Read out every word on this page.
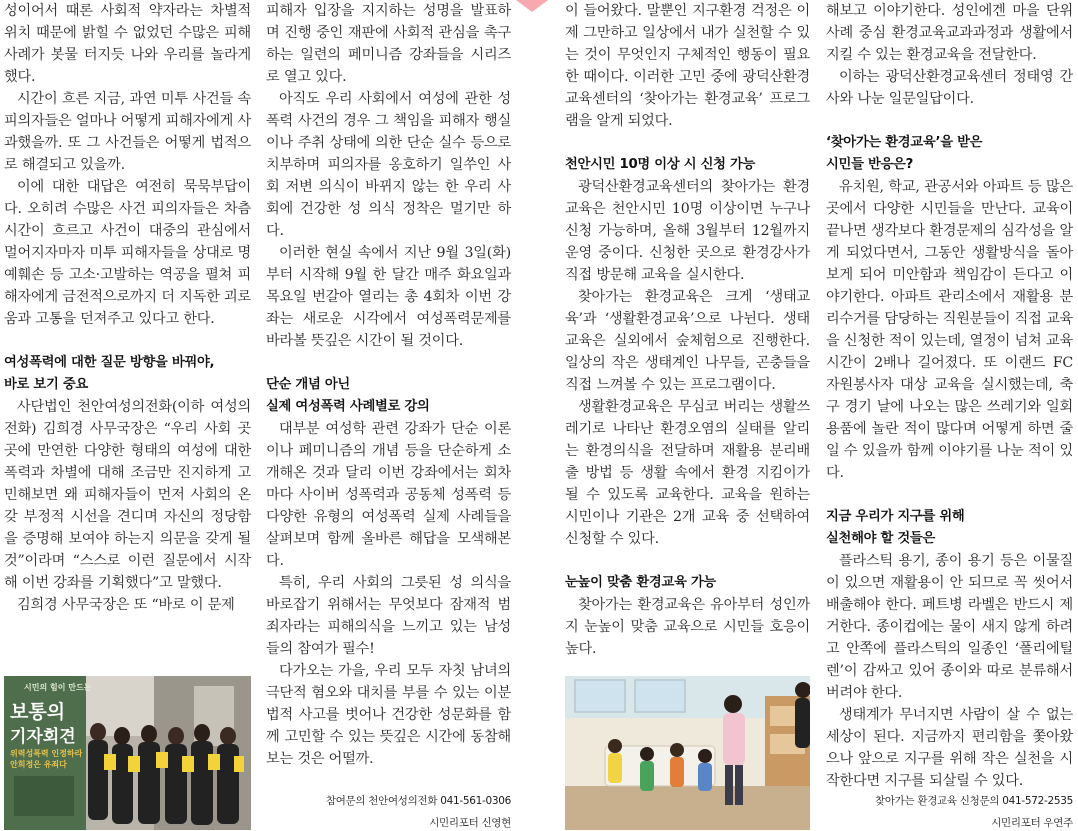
성이어서 때론 사회적 약자라는 차별적 위치 때문에 밝힐 수 없었던 수많은 피해 사례가 봇물 터지듯 나와 우리를 놀라게 했다.

시간이 흐른 지금, 과연 미투 사건들 속 피의자들은 얼마나 어떻게 피해자에게 사과했을까. 또 그 사건들은 어떻게 법적으로 해결되고 있을까.

이에 대한 대답은 여전히 묵묵부답이다. 오히려 수많은 사건 피의자들은 차츰 시간이 흐르고 사건이 대중의 관심에서 멀어지자마자 미투 피해자들을 상대로 명예훼손 등 고소·고발하는 역공을 펼쳐 피해자에게 금전적으로까지 더 지독한 괴로움과 고통을 던져주고 있다고 한다.

여성폭력에 대한 질문 방향을 바꿔야,
바로 보기 중요

사단법인 천안여성의전화(이하 여성의전화) 김희경 사무국장은 “우리 사회 곳곳에 만연한 다양한 형태의 여성에 대한 폭력과 차별에 대해 조금만 진지하게 고민해보면 왜 피해자들이 먼저 사회의 온갖 부정적 시선을 견디며 자신의 정당함을 증명해 보여야 하는지 의문을 갖게 될 것”이라며 “스스로 이런 질문에서 시작해 이번 강좌를 기획했다”고 말했다.

김희경 사무국장은 또 “바로 이 문제

시민의 힘이 만드는
보통의
기자회견
위력성폭력 인정하라
안희정은 유죄다

피해자 입장을 지지하는 성명을 발표하며 진행 중인 재판에 사회적 관심을 촉구하는 일련의 페미니즘 강좌들을 시리즈로 열고 있다.

아직도 우리 사회에서 여성에 관한 성폭력 사건의 경우 그 책임을 피해자 행실이나 주취 상태에 의한 단순 실수 등으로 치부하며 피의자를 옹호하기 일쑤인 사회 저변 의식이 바뀌지 않는 한 우리 사회에 건강한 성 의식 정착은 멀기만 하다.

이러한 현실 속에서 지난 9월 3일(화)부터 시작해 9월 한 달간 매주 화요일과 목요일 번갈아 열리는 총 4회차 이번 강좌는 새로운 시각에서 여성폭력문제를 바라볼 뜻깊은 시간이 될 것이다.

단순 개념 아닌
실제 여성폭력 사례별로 강의

대부분 여성학 관련 강좌가 단순 이론이나 페미니즘의 개념 등을 단순하게 소개해온 것과 달리 이번 강좌에서는 회차마다 사이버 성폭력과 공동체 성폭력 등 다양한 유형의 여성폭력 실제 사례들을 살펴보며 함께 올바른 해답을 모색해본다.

특히, 우리 사회의 그릇된 성 의식을 바로잡기 위해서는 무엇보다 잠재적 범죄자라는 피해의식을 느끼고 있는 남성들의 참여가 필수!

다가오는 가을, 우리 모두 자칫 남녀의 극단적 혐오와 대치를 부를 수 있는 이분법적 사고를 벗어나 건강한 성문화를 함께 고민할 수 있는 뜻깊은 시간에 동참해보는 것은 어떨까.

참여문의 천안여성의전화 041-561-0306

시민리포터 신영현

이 들어왔다. 말뿐인 지구환경 걱정은 이제 그만하고 일상에서 내가 실천할 수 있는 것이 무엇인지 구체적인 행동이 필요한 때이다. 이러한 고민 중에 광덕산환경교육센터의 ‘찾아가는 환경교육’ 프로그램을 알게 되었다.

천안시민 10명 이상 시 신청 가능

광덕산환경교육센터의 찾아가는 환경교육은 천안시민 10명 이상이면 누구나 신청 가능하며, 올해 3월부터 12월까지 운영 중이다. 신청한 곳으로 환경강사가 직접 방문해 교육을 실시한다.

찾아가는 환경교육은 크게 ‘생태교육’과 ‘생활환경교육’으로 나뉜다. 생태교육은 실외에서 숲체험으로 진행한다. 일상의 작은 생태계인 나무들, 곤충들을 직접 느껴볼 수 있는 프로그램이다.

생활환경교육은 무심코 버리는 생활쓰레기로 나타난 환경오염의 실태를 알리는 환경의식을 전달하며 재활용 분리배출 방법 등 생활 속에서 환경 지킴이가 될 수 있도록 교육한다. 교육을 원하는 시민이나 기관은 2개 교육 중 선택하여 신청할 수 있다.

눈높이 맞춤 환경교육 가능

찾아가는 환경교육은 유아부터 성인까지 눈높이 맞춤 교육으로 시민들 호응이 높다.

해보고 이야기한다. 성인에겐 마을 단위 사례 중심 환경교육교과과정과 생활에서 지킬 수 있는 환경교육을 전달한다.

이하는 광덕산환경교육센터 정태영 간사와 나눈 일문일답이다.

‘찾아가는 환경교육’을 받은
시민들 반응은?

유치원, 학교, 관공서와 아파트 등 많은 곳에서 다양한 시민들을 만난다. 교육이 끝나면 생각보다 환경문제의 심각성을 알게 되었다면서, 그동안 생활방식을 돌아보게 되어 미안함과 책임감이 든다고 이야기한다. 아파트 관리소에서 재활용 분리수거를 담당하는 직원분들이 직접 교육을 신청한 적이 있는데, 열정이 넘쳐 교육시간이 2배나 길어졌다. 또 이랜드 FC 자원봉사자 대상 교육을 실시했는데, 축구 경기 날에 나오는 많은 쓰레기와 일회용품에 놀란 적이 많다며 어떻게 하면 줄일 수 있을까 함께 이야기를 나눈 적이 있다.

지금 우리가 지구를 위해
실천해야 할 것들은

플라스틱 용기, 종이 용기 등은 이물질이 있으면 재활용이 안 되므로 꼭 씻어서 배출해야 한다. 페트병 라벨은 반드시 제거한다. 종이컵에는 물이 새지 않게 하려고 안쪽에 플라스틱의 일종인 ‘폴리에틸렌’이 감싸고 있어 종이와 따로 분류해서 버려야 한다.

생태계가 무너지면 사람이 살 수 없는 세상이 된다. 지금까지 편리함을 쫓아왔으나 앞으로 지구를 위해 작은 실천을 시작한다면 지구를 되살릴 수 있다.

찾아가는 환경교육 신청문의 041-572-2535

시민리포터 우연주
